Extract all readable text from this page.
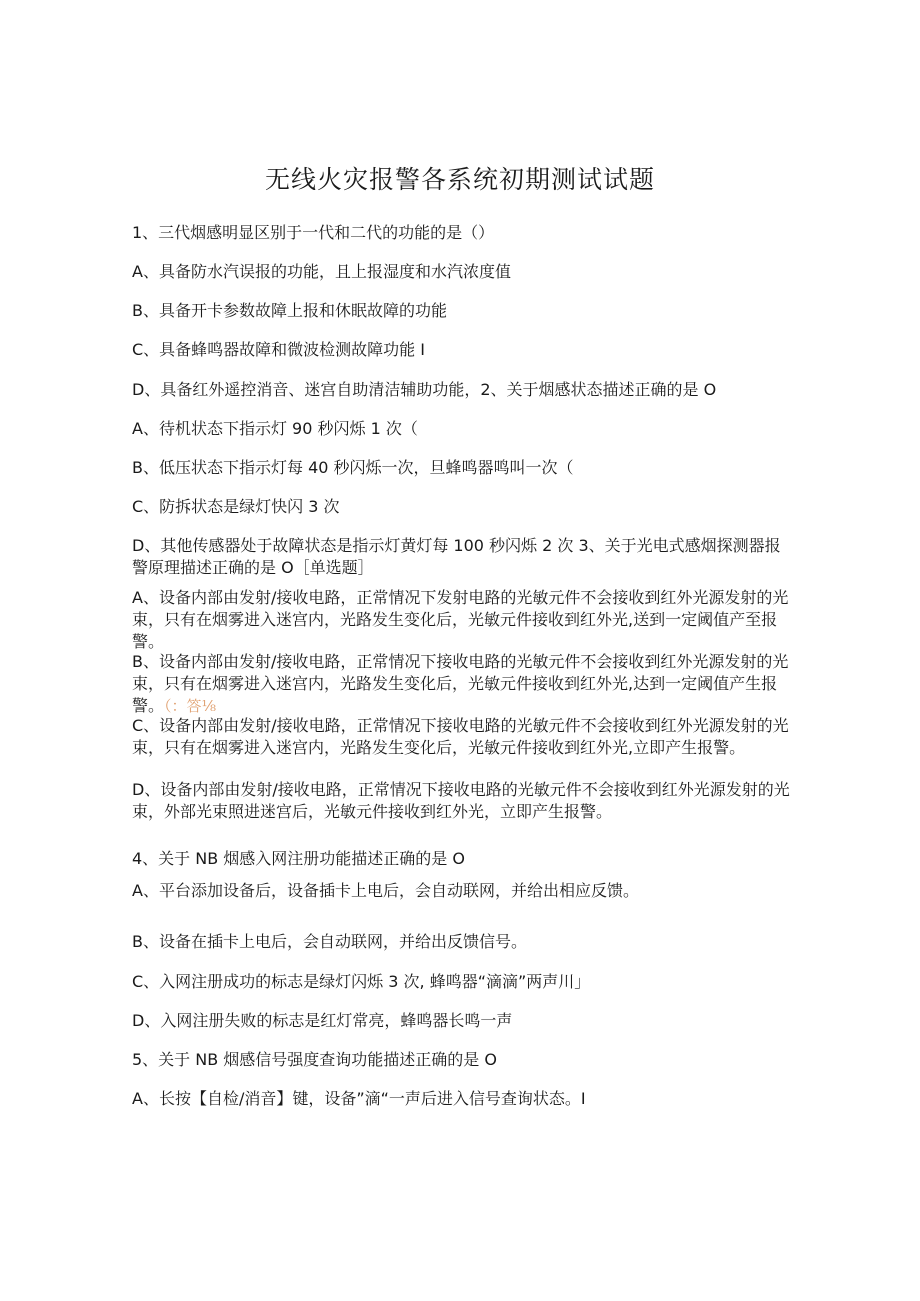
无线火灾报警各系统初期测试试题
1、三代烟感明显区别于一代和二代的功能的是（）
A、具备防水汽误报的功能，且上报湿度和水汽浓度值
B、具备开卡参数故障上报和休眠故障的功能
C、具备蜂鸣器故障和微波检测故障功能 I
D、具备红外遥控消音、迷宫自助清洁辅助功能，2、关于烟感状态描述正确的是 O
A、待机状态下指示灯 90 秒闪烁 1 次（
B、低压状态下指示灯每 40 秒闪烁一次，旦蜂鸣器鸣叫一次（
C、防拆状态是绿灯快闪 3 次
D、其他传感器处于故障状态是指示灯黄灯每 100 秒闪烁 2 次 3、关于光电式感烟探测器报警原理描述正确的是 O［单选题］
A、设备内部由发射/接收电路，正常情况下发射电路的光敏元件不会接收到红外光源发射的光束，只有在烟雾进入迷宫内，光路发生变化后，光敏元件接收到红外光,送到一定阈值产至报警。
B、设备内部由发射/接收电路，正常情况下接收电路的光敏元件不会接收到红外光源发射的光束，只有在烟雾进入迷宫内，光路发生变化后，光敏元件接收到红外光,达到一定阈值产生报警。（：答⅛
C、设备内部由发射/接收电路，正常情况下接收电路的光敏元件不会接收到红外光源发射的光束，只有在烟雾进入迷宫内，光路发生变化后，光敏元件接收到红外光,立即产生报警。
D、设备内部由发射/接收电路，正常情况下接收电路的光敏元件不会接收到红外光源发射的光束，外部光束照进迷宫后，光敏元件接收到红外光，立即产生报警。
4、关于 NB 烟感入网注册功能描述正确的是 O
A、平台添加设备后，设备插卡上电后，会自动联网，并给出相应反馈。
B、设备在插卡上电后，会自动联网，并给出反馈信号。
C、入网注册成功的标志是绿灯闪烁 3 次, 蜂鸣器“滴滴”两声川」
D、入网注册失败的标志是红灯常亮，蜂鸣器长鸣一声
5、关于 NB 烟感信号强度查询功能描述正确的是 O
A、长按【自检/消音】键，设备”滴“一声后进入信号查询状态。I
